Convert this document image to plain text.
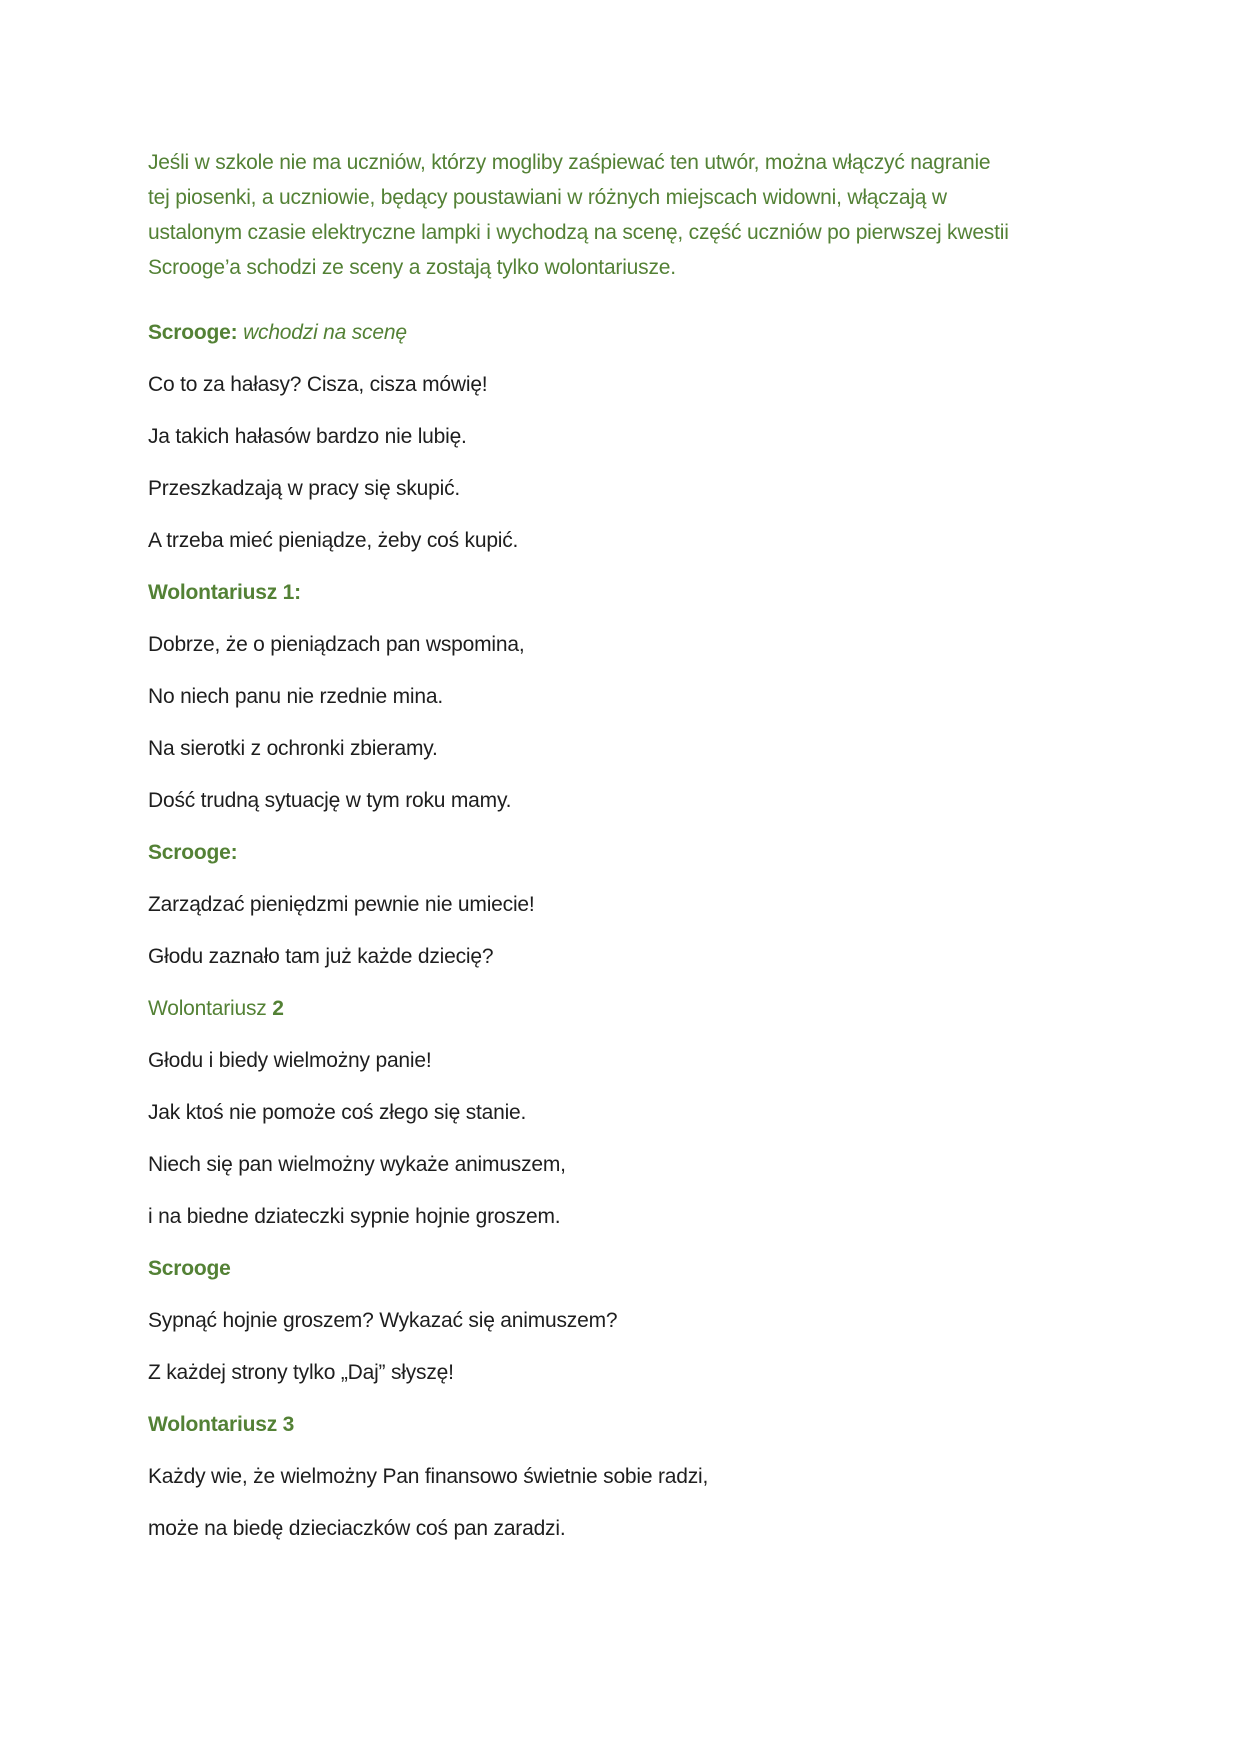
Jeśli w szkole nie ma uczniów, którzy mogliby zaśpiewać ten utwór, można włączyć nagranie
tej piosenki, a uczniowie, będący poustawiani w różnych miejscach widowni, włączają w
ustalonym czasie elektryczne lampki i wychodzą na scenę, część uczniów po pierwszej kwestii
Scrooge’a schodzi ze sceny a zostają tylko wolontariusze.

Scrooge: wchodzi na scenę

Co to za hałasy? Cisza, cisza mówię!

Ja takich hałasów bardzo nie lubię.

Przeszkadzają w pracy się skupić.

A trzeba mieć pieniądze, żeby coś kupić.

Wolontariusz 1:

Dobrze, że o pieniądzach pan wspomina,

No niech panu nie rzednie mina.

Na sierotki z ochronki zbieramy.

Dość trudną sytuację w tym roku mamy.

Scrooge:

Zarządzać pieniędzmi pewnie nie umiecie!

Głodu zaznało tam już każde dziecię?

Wolontariusz 2

Głodu i biedy wielmożny panie!

Jak ktoś nie pomoże coś złego się stanie.

Niech się pan wielmożny wykaże animuszem,

i na biedne dziateczki sypnie hojnie groszem.

Scrooge

Sypnąć hojnie groszem? Wykazać się animuszem?

Z każdej strony tylko „Daj” słyszę!

Wolontariusz 3

Każdy wie, że wielmożny Pan finansowo świetnie sobie radzi,

może na biedę dzieciaczków coś pan zaradzi.
